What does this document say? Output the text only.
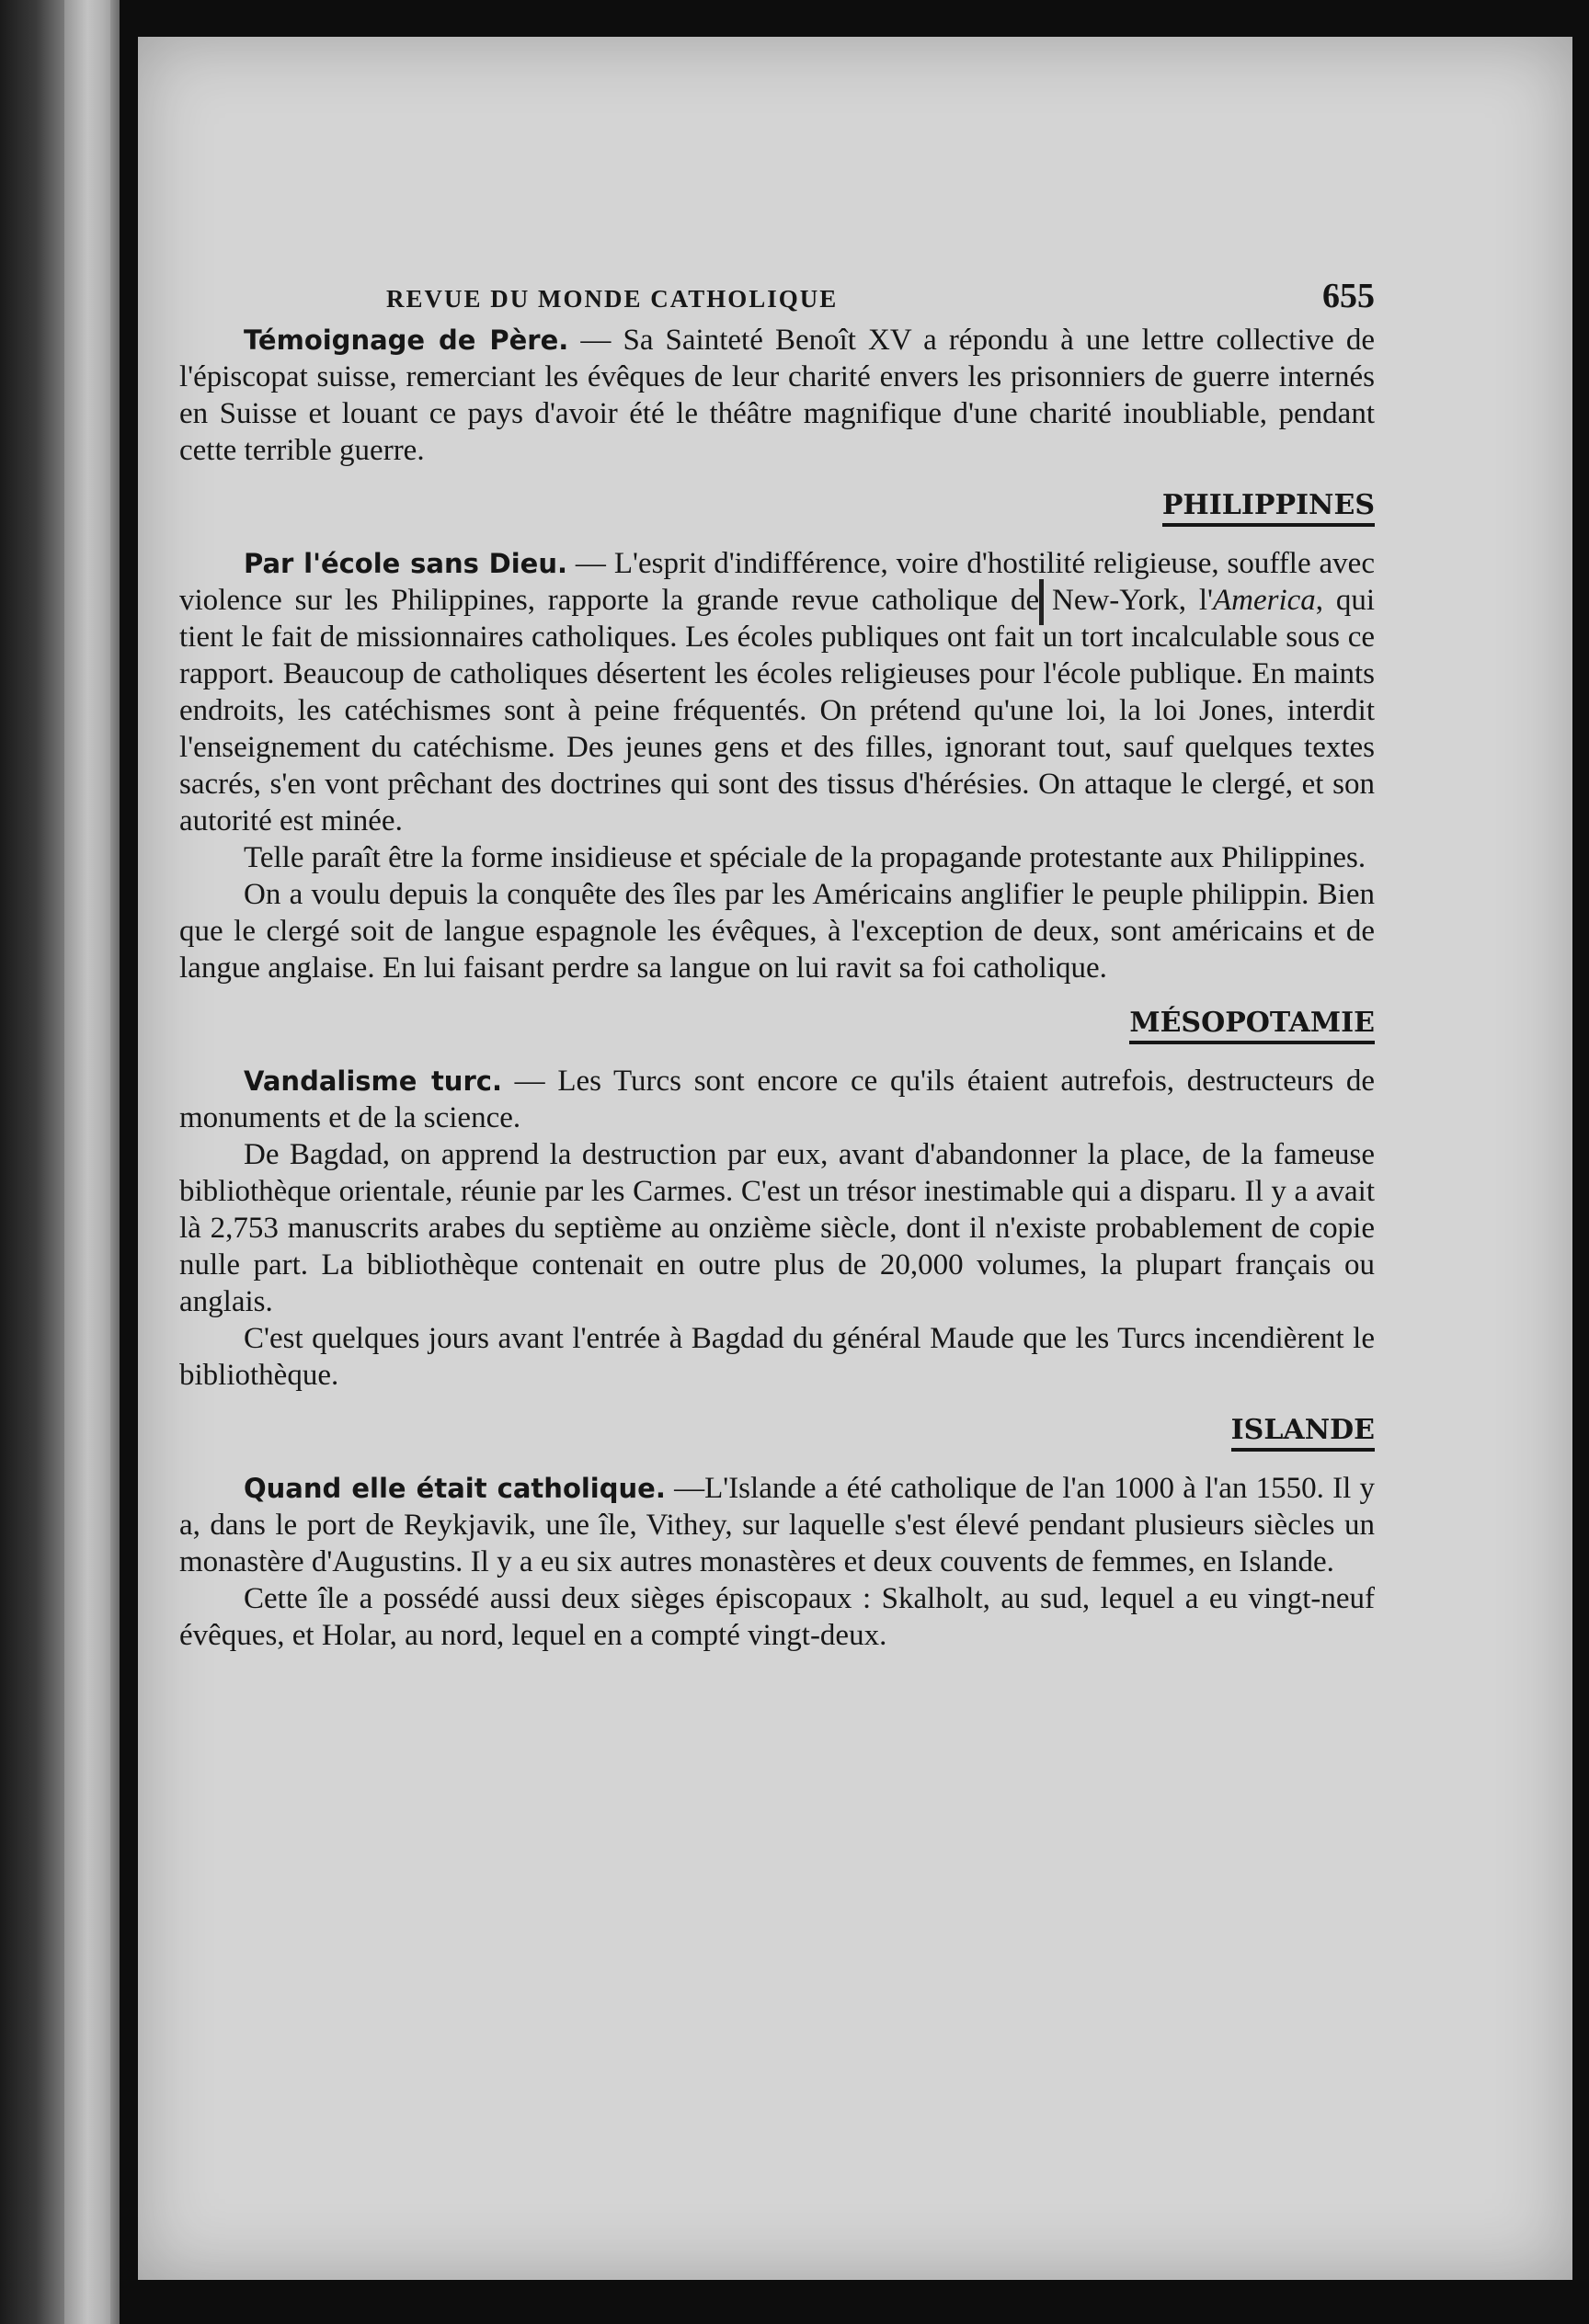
REVUE DU MONDE CATHOLIQUE	655

Témoignage de Père. — Sa Sainteté Benoît XV a répondu à une lettre collective de l'épiscopat suisse, remerciant les évêques de leur charité envers les prisonniers de guerre internés en Suisse et louant ce pays d'avoir été le théâtre magnifique d'une charité inoubliable, pendant cette terrible guerre.

PHILIPPINES

Par l'école sans Dieu. — L'esprit d'indifférence, voire d'hostilité religieuse, souffle avec violence sur les Philippines, rapporte la grande revue catholique de New-York, l'America, qui tient le fait de missionnaires catholiques. Les écoles publiques ont fait un tort incalculable sous ce rapport. Beaucoup de catholiques désertent les écoles religieuses pour l'école publique. En maints endroits, les catéchismes sont à peine fréquentés. On prétend qu'une loi, la loi Jones, interdit l'enseignement du catéchisme. Des jeunes gens et des filles, ignorant tout, sauf quelques textes sacrés, s'en vont prêchant des doctrines qui sont des tissus d'hérésies. On attaque le clergé, et son autorité est minée.

Telle paraît être la forme insidieuse et spéciale de la propagande protestante aux Philippines.

On a voulu depuis la conquête des îles par les Américains anglifier le peuple philippin. Bien que le clergé soit de langue espagnole les évêques, à l'exception de deux, sont américains et de langue anglaise. En lui faisant perdre sa langue on lui ravit sa foi catholique.

MÉSOPOTAMIE

Vandalisme turc. — Les Turcs sont encore ce qu'ils étaient autrefois, destructeurs de monuments et de la science.

De Bagdad, on apprend la destruction par eux, avant d'abandonner la place, de la fameuse bibliothèque orientale, réunie par les Carmes. C'est un trésor inestimable qui a disparu. Il y a avait là 2,753 manuscrits arabes du septième au onzième siècle, dont il n'existe probablement de copie nulle part. La bibliothèque contenait en outre plus de 20,000 volumes, la plupart français ou anglais.

C'est quelques jours avant l'entrée à Bagdad du général Maude que les Turcs incendièrent le bibliothèque.

ISLANDE

Quand elle était catholique. —L'Islande a été catholique de l'an 1000 à l'an 1550. Il y a, dans le port de Reykjavik, une île, Vithey, sur laquelle s'est élevé pendant plusieurs siècles un monastère d'Augustins. Il y a eu six autres monastères et deux couvents de femmes, en Islande.

Cette île a possédé aussi deux sièges épiscopaux : Skalholt, au sud, lequel a eu vingt-neuf évêques, et Holar, au nord, lequel en a compté vingt-deux.
